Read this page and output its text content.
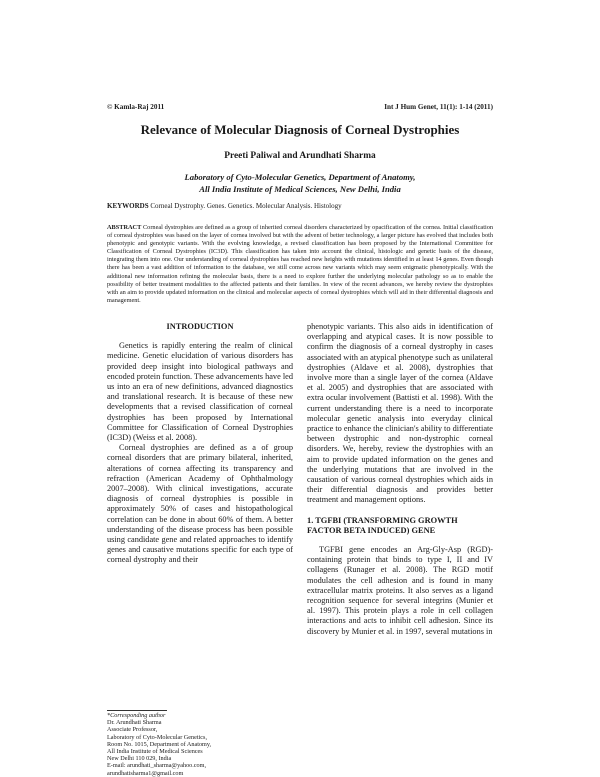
© Kamla-Raj 2011	Int J Hum Genet, 11(1): 1-14 (2011)
Relevance of Molecular Diagnosis of Corneal Dystrophies
Preeti Paliwal and Arundhati Sharma
Laboratory of Cyto-Molecular Genetics, Department of Anatomy,
All India Institute of Medical Sciences, New Delhi, India
KEYWORDS Corneal Dystrophy. Genes. Genetics. Molecular Analysis. Histology
ABSTRACT Corneal dystrophies are defined as a group of inherited corneal disorders characterized by opacification of the cornea. Initial classification of corneal dystrophies was based on the layer of cornea involved but with the advent of better technology, a larger picture has evolved that includes both phenotypic and genotypic variants. With the evolving knowledge, a revised classification has been proposed by the International Committee for Classification of Corneal Dystrophies (IC3D). This classification has taken into account the clinical, histologic and genetic basis of the disease, integrating them into one. Our understanding of corneal dystrophies has reached new heights with mutations identified in at least 14 genes. Even though there has been a vast addition of information to the database, we still come across new variants which may seem enigmatic phenotypically. With the additional new information refining the molecular basis, there is a need to explore further the underlying molecular pathology so as to enable the possibility of better treatment modalities to the affected patients and their families. In view of the recent advances, we hereby review the dystrophies with an aim to provide updated information on the clinical and molecular aspects of corneal dystrophies which will aid in their differential diagnosis and management.
INTRODUCTION

Genetics is rapidly entering the realm of clinical medicine. Genetic elucidation of various disorders has provided deep insight into biological pathways and encoded protein function. These advancements have led us into an era of new definitions, advanced diagnostics and translational research. It is because of these new developments that a revised classification of corneal dystrophies has been proposed by International Committee for Classification of Corneal Dystrophies (IC3D) (Weiss et al. 2008).

Corneal dystrophies are defined as a of group corneal disorders that are primary bilateral, inherited, alterations of cornea affecting its transparency and refraction (American Academy of Ophthalmology 2007–2008). With clinical investigations, accurate diagnosis of corneal dystrophies is possible in approximately 50% of cases and histopathological correlation can be done in about 60% of them. A better understanding of the disease process has been possible using candidate gene and related approaches to identify genes and causative mutations specific for each type of corneal dystrophy and their

phenotypic variants. This also aids in identification of overlapping and atypical cases. It is now possible to confirm the diagnosis of a corneal dystrophy in cases associated with an atypical phenotype such as unilateral dystrophies (Aldave et al. 2008), dystrophies that involve more than a single layer of the cornea (Aldave et al. 2005) and dystrophies that are associated with extra ocular involvement (Battisti et al. 1998). With the current understanding there is a need to incorporate molecular genetic analysis into everyday clinical practice to enhance the clinician's ability to differentiate between dystrophic and non-dystrophic corneal disorders. We, hereby, review the dystrophies with an aim to provide updated information on the genes and the underlying mutations that are involved in the causation of various corneal dystrophies which aids in their differential diagnosis and provides better treatment and management options.

1. TGFBI (TRANSFORMING GROWTH FACTOR BETA INDUCED) GENE

TGFBI gene encodes an Arg-Gly-Asp (RGD)-containing protein that binds to type I, II and IV collagens (Runager et al. 2008). The RGD motif modulates the cell adhesion and is found in many extracellular matrix proteins. It also serves as a ligand recognition sequence for several integrins (Munier et al. 1997). This protein plays a role in cell collagen interactions and acts to inhibit cell adhesion. Since its discovery by Munier et al. in 1997, several mutations in

*Corresponding author
Dr. Arundhati Sharma
Associate Professor,
Laboratory of Cyto-Molecular Genetics,
Room No. 1015, Department of Anatomy,
All India Institute of Medical Sciences
New Delhi 110 029, India
E-mail: arundhati_sharma@yahoo.com,
arundhatisharma1@gmail.com
